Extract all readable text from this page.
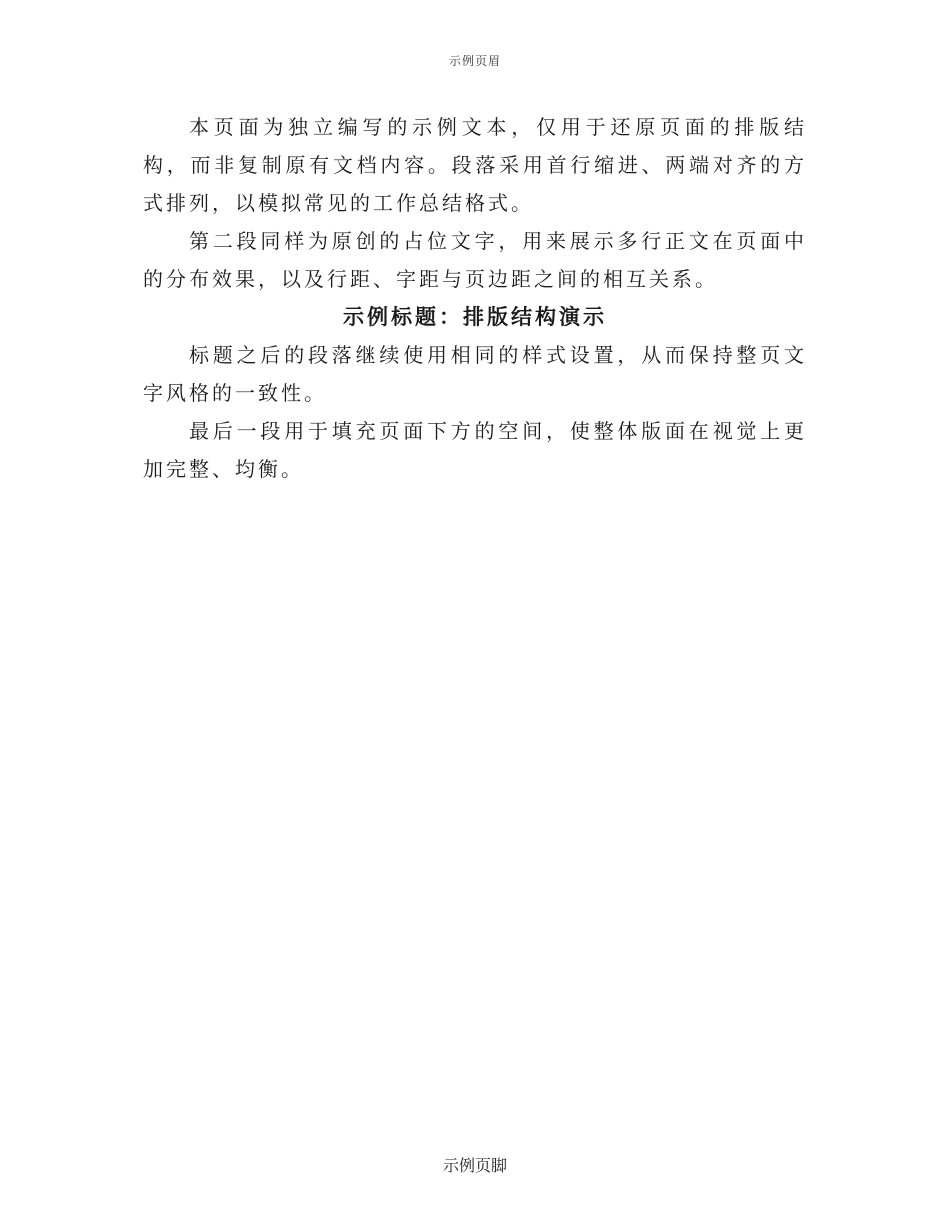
示例页眉

本页面为独立编写的示例文本，仅用于还原页面的排版结构，而非复制原有文档内容。段落采用首行缩进、两端对齐的方式排列，以模拟常见的工作总结格式。

第二段同样为原创的占位文字，用来展示多行正文在页面中的分布效果，以及行距、字距与页边距之间的相互关系。

示例标题：排版结构演示

标题之后的段落继续使用相同的样式设置，从而保持整页文字风格的一致性。

最后一段用于填充页面下方的空间，使整体版面在视觉上更加完整、均衡。

示例页脚
